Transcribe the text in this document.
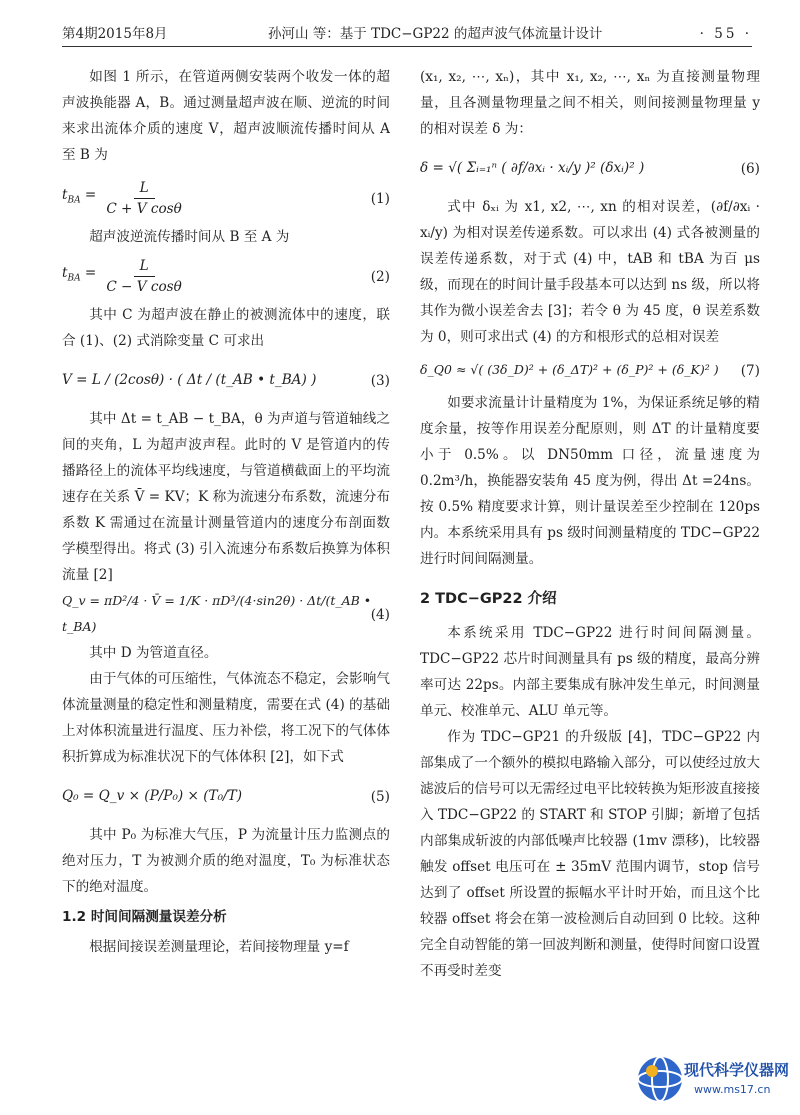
第4期2015年8月	孙河山 等：基于 TDC−GP22 的超声波气体流量计设计	· 55 ·

如图 1 所示，在管道两侧安装两个收发一体的超声波换能器 A，B。通过测量超声波在顺、逆流的时间来求出流体介质的速度 V，超声波顺流传播时间从 A 至 B 为

$t_{BA} = \frac{L}{\text{C + V cosθ}}$	(1)

超声波逆流传播时间从 B 至 A 为

$t_{BA} = \frac{L}{\text{C − V cosθ}}$	(2)

其中 C 为超声波在静止的被测流体中的速度，联合 (1)、(2) 式消除变量 C 可求出

V = L / (2cosθ) · ( Δt / (t_AB • t_BA) )	(3)

其中 Δt = t_AB − t_BA，θ 为声道与管道轴线之间的夹角，L 为超声波声程。此时的 V 是管道内的传播路径上的流体平均线速度，与管道横截面上的平均流速存在关系 V̄ = KV；K 称为流速分布系数，流速分布系数 K 需通过在流量计测量管道内的速度分布剖面数学模型得出。将式 (3) 引入流速分布系数后换算为体积流量 [2]

Q_v = πD²/4 · V̄ = 1/K · πD³/(4·sin2θ) · Δt/(t_AB • t_BA)
(4)

其中 D 为管道直径。

由于气体的可压缩性，气体流态不稳定，会影响气体流量测量的稳定性和测量精度，需要在式 (4) 的基础上对体积流量进行温度、压力补偿，将工况下的气体体积折算成为标准状况下的气体体积 [2]，如下式

Q₀ = Q_v × (P/P₀) × (T₀/T)	(5)

其中 P₀ 为标准大气压，P 为流量计压力监测点的绝对压力，T 为被测介质的绝对温度，T₀ 为标准状态下的绝对温度。

1.2 时间间隔测量误差分析

根据间接误差测量理论，若间接物理量 y=f

(x₁, x₂, ⋯, xₙ)，其中 x₁, x₂, ⋯, xₙ 为直接测量物理量，且各测量物理量之间不相关，则间接测量物理量 y 的相对误差 δ 为：

δ = √( Σᵢ₌₁ⁿ ( ∂f/∂xᵢ · xᵢ/y )² (δxᵢ)² )	(6)

式中 δₓᵢ 为 x1, x2, ⋯, xn 的相对误差，(∂f/∂xᵢ · xᵢ/y) 为相对误差传递系数。可以求出 (4) 式各被测量的误差传递系数，对于式 (4) 中，tAB 和 tBA 为百 μs 级，而现在的时间计量手段基本可以达到 ns 级，所以将其作为微小误差舍去 [3]；若令 θ 为 45 度，θ 误差系数为 0，则可求出式 (4) 的方和根形式的总相对误差

δ_Q0 ≈ √( (3δ_D)² + (δ_ΔT)² + (δ_P)² + (δ_K)² ) (7)

如要求流量计计量精度为 1%，为保证系统足够的精度余量，按等作用误差分配原则，则 ΔT 的计量精度要小于 0.5%。以 DN50mm 口径，流量速度为 0.2m³/h，换能器安装角 45 度为例，得出 Δt =24ns。按 0.5% 精度要求计算，则计量误差至少控制在 120ps 内。本系统采用具有 ps 级时间测量精度的 TDC−GP22 进行时间间隔测量。

2 TDC−GP22 介绍

本系统采用 TDC−GP22 进行时间间隔测量。TDC−GP22 芯片时间测量具有 ps 级的精度，最高分辨率可达 22ps。内部主要集成有脉冲发生单元，时间测量单元、校准单元、ALU 单元等。

作为 TDC−GP21 的升级版 [4]，TDC−GP22 内部集成了一个额外的模拟电路输入部分，可以使经过放大滤波后的信号可以无需经过电平比较转换为矩形波直接接入 TDC−GP22 的 START 和 STOP 引脚；新增了包括内部集成斩波的内部低噪声比较器 (1mv 漂移)，比较器触发 offset 电压可在 ± 35mV 范围内调节，stop 信号达到了 offset 所设置的振幅水平计时开始，而且这个比较器 offset 将会在第一波检测后自动回到 0 比较。这种完全自动智能的第一回波判断和测量，使得时间窗口设置不再受时差变

现代科学仪器网
www.ms17.cn
